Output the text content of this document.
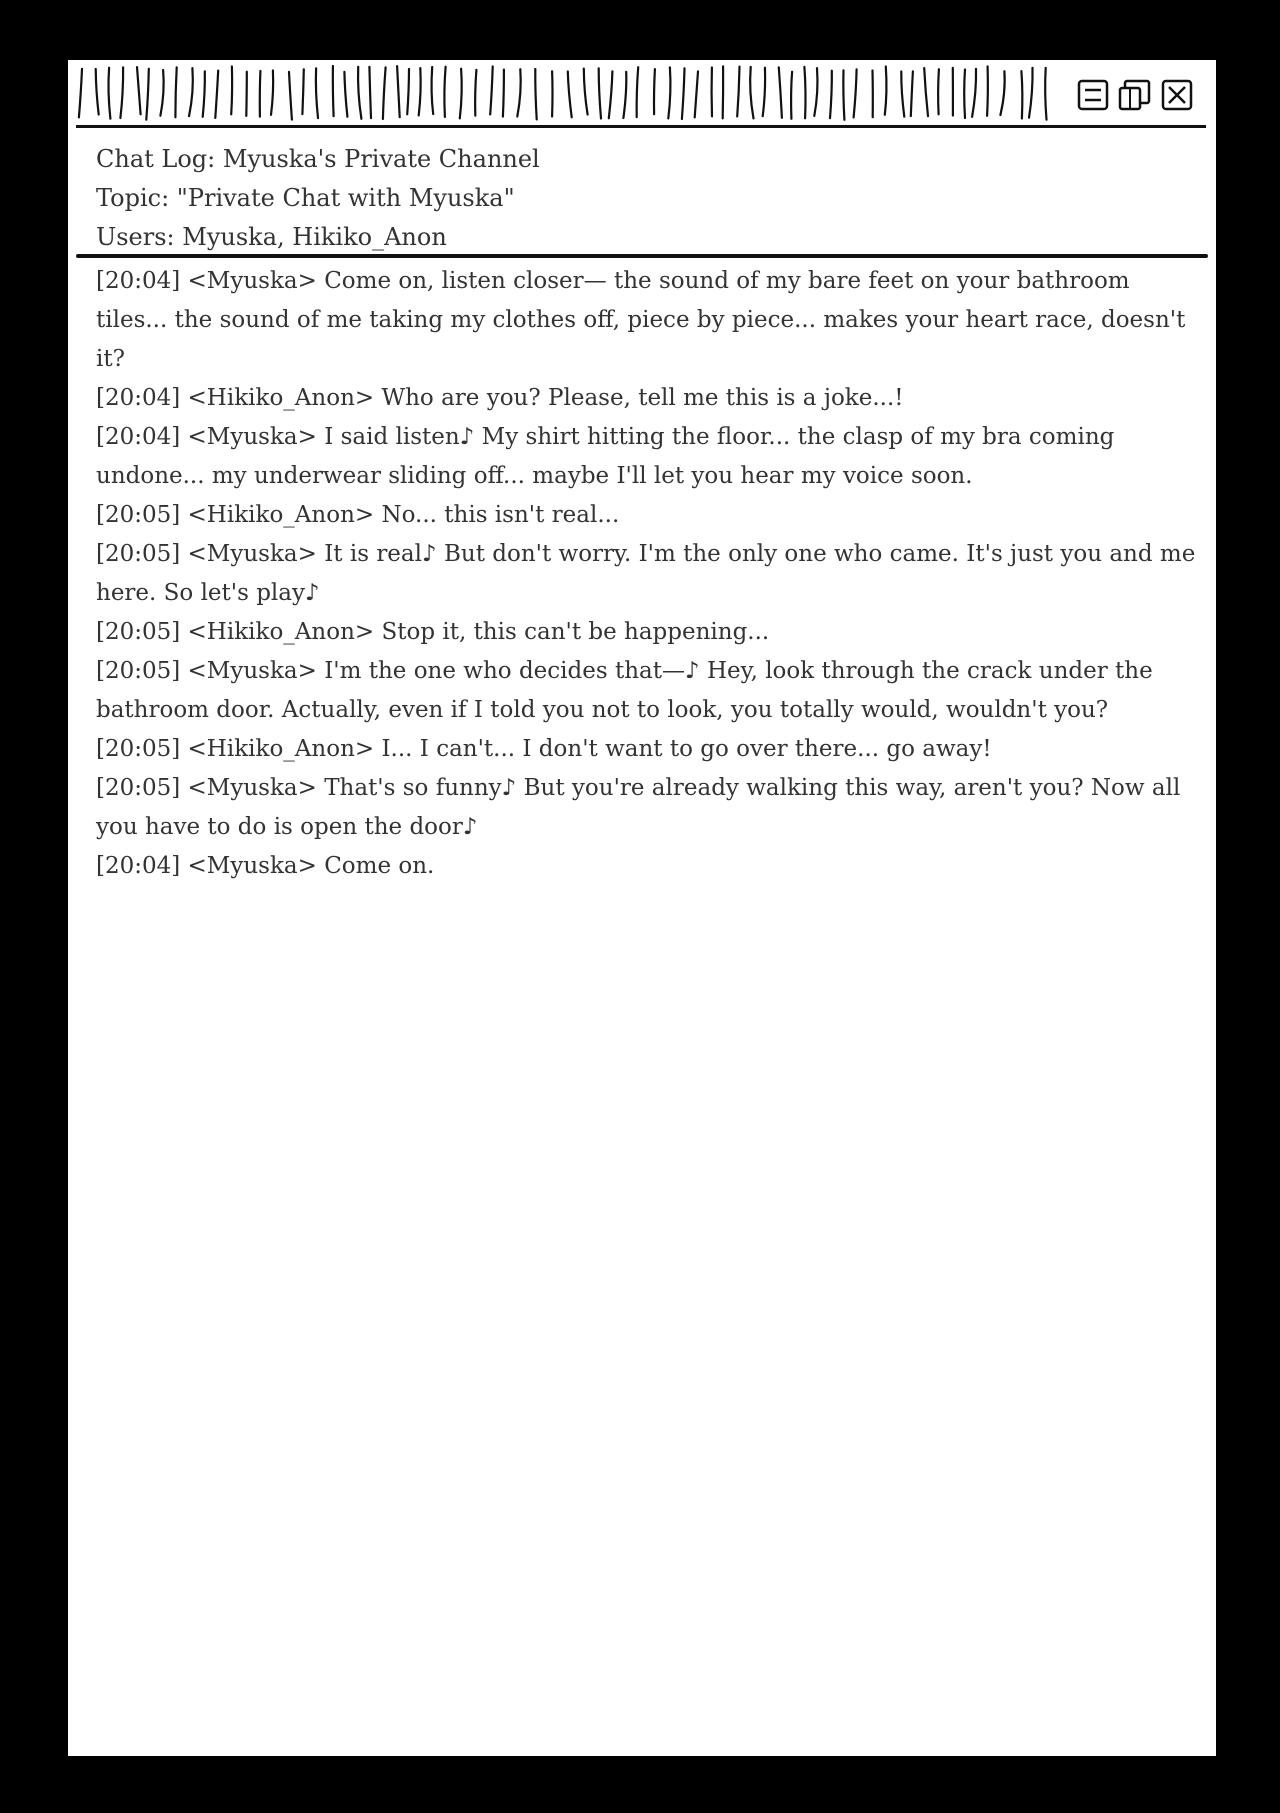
Chat Log: Myuska's Private Channel
Topic: "Private Chat with Myuska"
Users: Myuska, Hikiko_Anon

[20:04] <Myuska> Come on, listen closer— the sound of my bare feet on your bathroom tiles... the sound of me taking my clothes off, piece by piece... makes your heart race, doesn't it?

[20:04] <Hikiko_Anon> Who are you? Please, tell me this is a joke...!

[20:04] <Myuska> I said listen♪ My shirt hitting the floor... the clasp of my bra coming undone... my underwear sliding off... maybe I'll let you hear my voice soon.

[20:05] <Hikiko_Anon> No... this isn't real...

[20:05] <Myuska> It is real♪ But don't worry. I'm the only one who came. It's just you and me here. So let's play♪

[20:05] <Hikiko_Anon> Stop it, this can't be happening...

[20:05] <Myuska> I'm the one who decides that—♪ Hey, look through the crack under the bathroom door. Actually, even if I told you not to look, you totally would, wouldn't you?

[20:05] <Hikiko_Anon> I... I can't... I don't want to go over there... go away!

[20:05] <Myuska> That's so funny♪ But you're already walking this way, aren't you? Now all you have to do is open the door♪

[20:04] <Myuska> Come on.
